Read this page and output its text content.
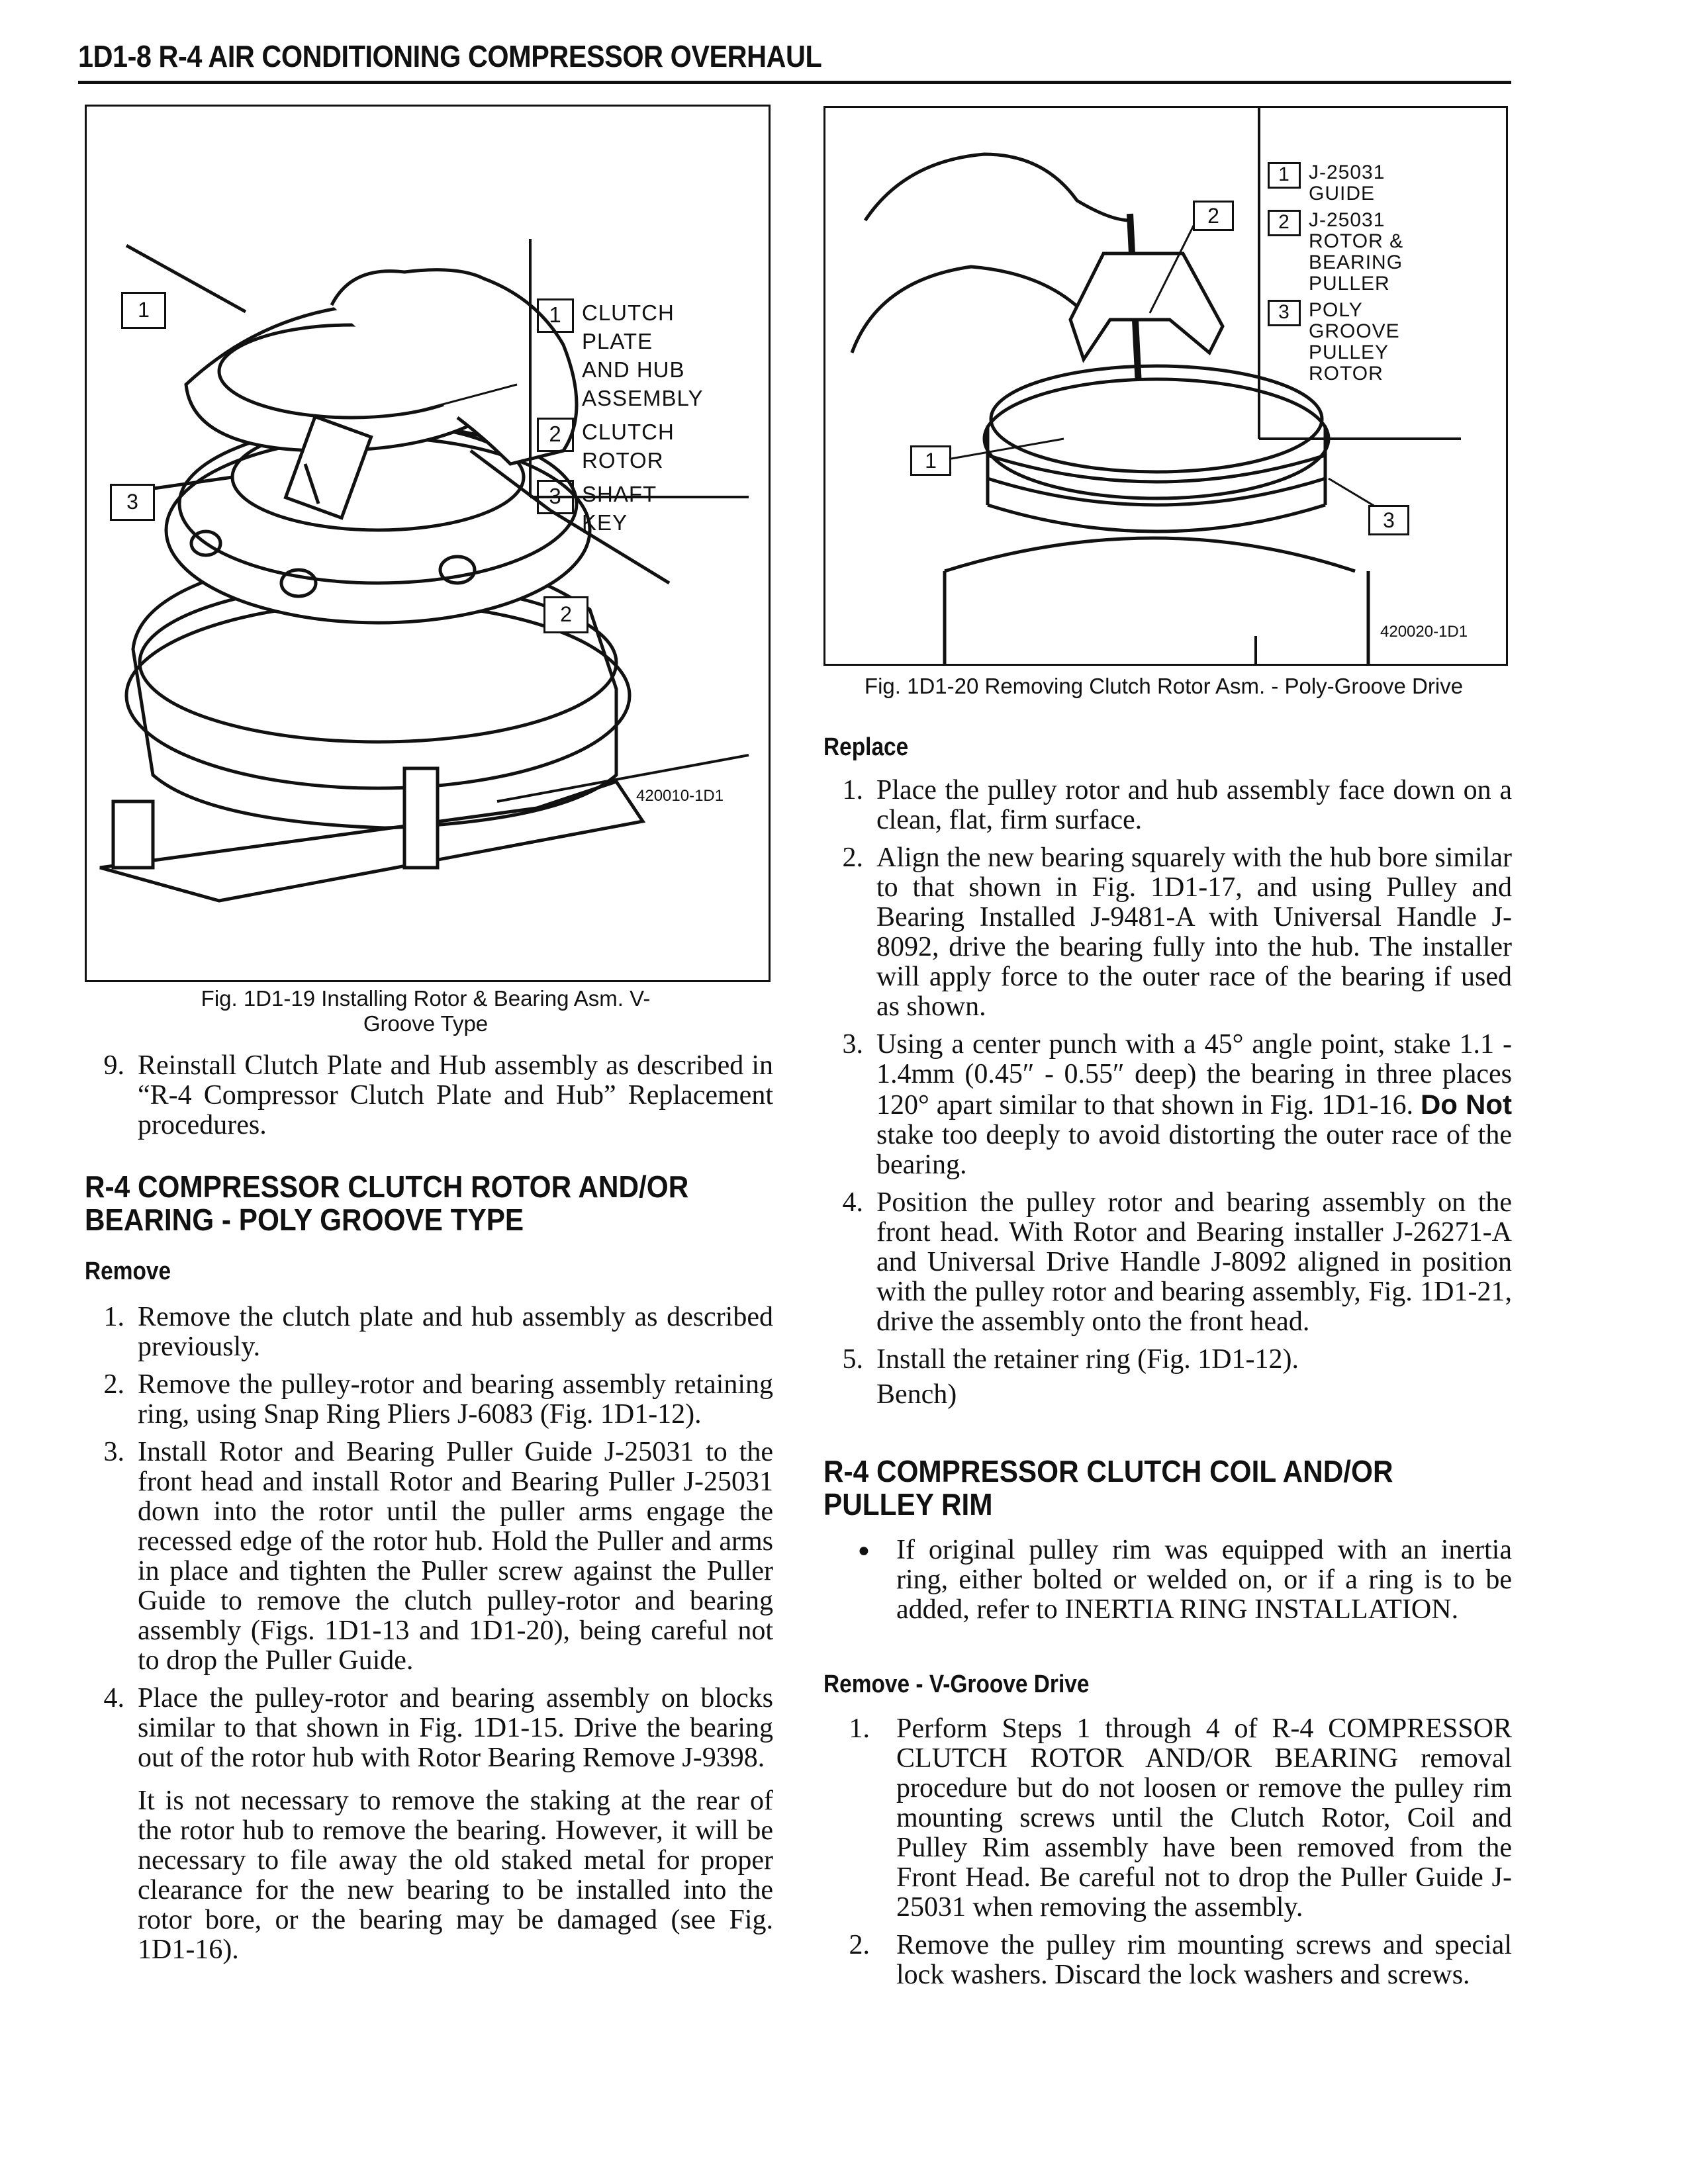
1D1-8 R-4 AIR CONDITIONING COMPRESSOR OVERHAUL
1
3
2
1 CLUTCH
PLATE
AND HUB
ASSEMBLY
2 CLUTCH
ROTOR
3 SHAFT
KEY
420010-1D1
Fig. 1D1-19 Installing Rotor & Bearing Asm. V-Groove Type
2
1
3
1 J-25031
GUIDE
2 J-25031
ROTOR &
BEARING
PULLER
3 POLY
GROOVE
PULLEY
ROTOR
420020-1D1
Fig. 1D1-20 Removing Clutch Rotor Asm. - Poly-Groove Drive
9. Reinstall Clutch Plate and Hub assembly as described in “R-4 Compressor Clutch Plate and Hub” Replacement procedures.
R-4 COMPRESSOR CLUTCH ROTOR AND/OR BEARING - POLY GROOVE TYPE
Remove
1. Remove the clutch plate and hub assembly as described previously.
2. Remove the pulley-rotor and bearing assembly retaining ring, using Snap Ring Pliers J-6083 (Fig. 1D1-12).
3. Install Rotor and Bearing Puller Guide J-25031 to the front head and install Rotor and Bearing Puller J-25031 down into the rotor until the puller arms engage the recessed edge of the rotor hub. Hold the Puller and arms in place and tighten the Puller screw against the Puller Guide to remove the clutch pulley-rotor and bearing assembly (Figs. 1D1-13 and 1D1-20), being careful not to drop the Puller Guide.
4. Place the pulley-rotor and bearing assembly on blocks similar to that shown in Fig. 1D1-15. Drive the bearing out of the rotor hub with Rotor Bearing Remove J-9398.
It is not necessary to remove the staking at the rear of the rotor hub to remove the bearing. However, it will be necessary to file away the old staked metal for proper clearance for the new bearing to be installed into the rotor bore, or the bearing may be damaged (see Fig. 1D1-16).
Replace
1. Place the pulley rotor and hub assembly face down on a clean, flat, firm surface.
2. Align the new bearing squarely with the hub bore similar to that shown in Fig. 1D1-17, and using Pulley and Bearing Installed J-9481-A with Universal Handle J-8092, drive the bearing fully into the hub. The installer will apply force to the outer race of the bearing if used as shown.
3. Using a center punch with a 45° angle point, stake 1.1 - 1.4mm (0.45″ - 0.55″ deep) the bearing in three places 120° apart similar to that shown in Fig. 1D1-16. Do Not stake too deeply to avoid distorting the outer race of the bearing.
4. Position the pulley rotor and bearing assembly on the front head. With Rotor and Bearing installer J-26271-A and Universal Drive Handle J-8092 aligned in position with the pulley rotor and bearing assembly, Fig. 1D1-21, drive the assembly onto the front head.
5. Install the retainer ring (Fig. 1D1-12).
Bench)
R-4 COMPRESSOR CLUTCH COIL AND/OR PULLEY RIM
● If original pulley rim was equipped with an inertia ring, either bolted or welded on, or if a ring is to be added, refer to INERTIA RING INSTALLATION.
Remove - V-Groove Drive
1. Perform Steps 1 through 4 of R-4 COMPRESSOR CLUTCH ROTOR AND/OR BEARING removal procedure but do not loosen or remove the pulley rim mounting screws until the Clutch Rotor, Coil and Pulley Rim assembly have been removed from the Front Head. Be careful not to drop the Puller Guide J-25031 when removing the assembly.
2. Remove the pulley rim mounting screws and special lock washers. Discard the lock washers and screws.
